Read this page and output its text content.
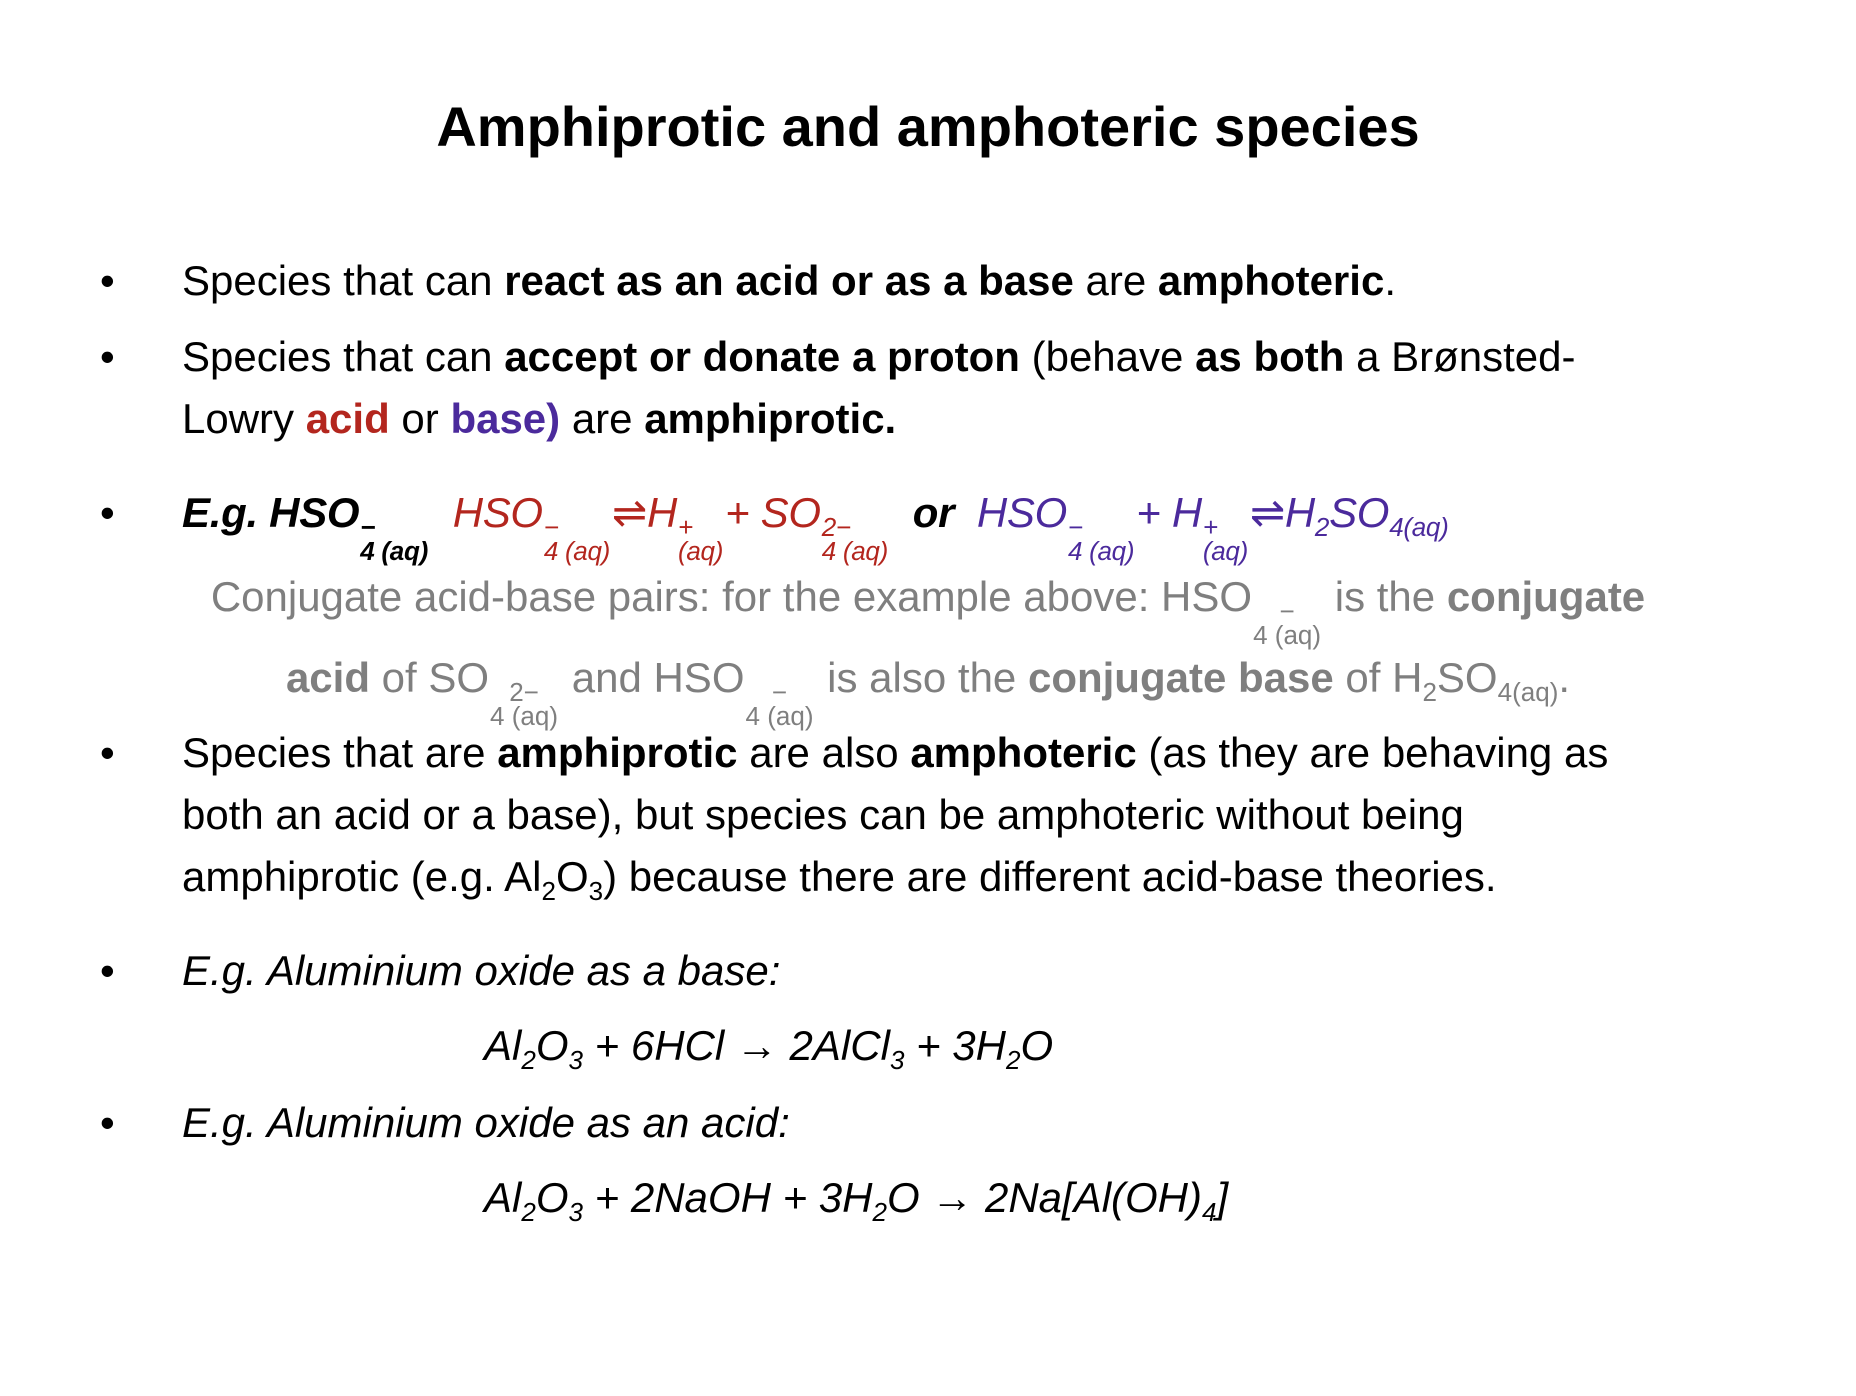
Amphiprotic and amphoteric species
•	Species that can react as an acid or as a base are amphoteric.
•	Species that can accept or donate a proton (behave as both a Brønsted-
Lowry acid or base) are amphiprotic.
•	E.g. HSO −
4 (aq)
HSO −
4 (aq)
⇌H +
(aq)
+ SO 2−
4 (aq)
or HSO −
4 (aq)
+ H +
(aq)
$\rightleftharpoons H_2SO_{4(aq)}$
Conjugate acid-base pairs: for the example above: HSO	−
4 (aq)
is the conjugate
acid of SO 2−
4 (aq)
and HSO	−
4 (aq)
is also the conjugate base of $H_2SO_{4(aq)}$.
•	Species that are amphiprotic are also amphoteric (as they are behaving as
both an acid or a base), but species can be amphoteric without being
amphiprotic (e.g. $Al_2O_3$) because there are different acid-base theories.
•	E.g. Aluminium oxide as a base:
$Al_2O_3 + 6HCl$ → 2AlCl$_3$ + $3H_2O$
•	E.g. Aluminium oxide as an acid:
$Al_2O_3$ + 2NaOH + $3H_2O \to 2Na[Al(OH)_4]$
